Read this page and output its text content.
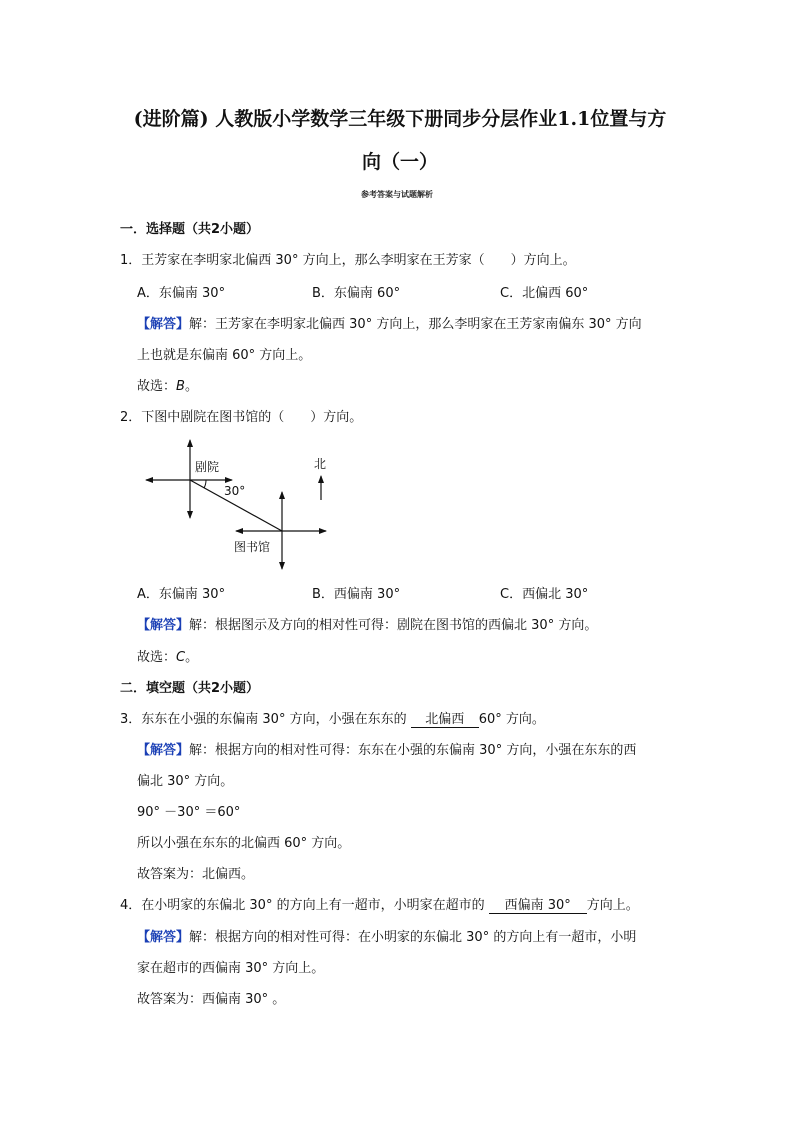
(进阶篇) 人教版小学数学三年级下册同步分层作业1.1位置与方
向（一）
参考答案与试题解析
一．选择题（共2小题）
1．王芳家在李明家北偏西 30° 方向上，那么李明家在王芳家（　　）方向上。
A．东偏南 30°	B．东偏南 60°	C．北偏西 60°
【解答】解：王芳家在李明家北偏西 30° 方向上，那么李明家在王芳家南偏东 30° 方向
上也就是东偏南 60° 方向上。
故选：B。
2．下图中剧院在图书馆的（　　）方向。
剧院
30°
图书馆
北
A．东偏南 30°	B．西偏南 30°	C．西偏北 30°
【解答】解：根据图示及方向的相对性可得：剧院在图书馆的西偏北 30° 方向。
故选：C。
二．填空题（共2小题）
3．东东在小强的东偏南 30° 方向，小强在东东的 北偏西 60° 方向。
【解答】解：根据方向的相对性可得：东东在小强的东偏南 30° 方向，小强在东东的西
偏北 30° 方向。
90° －30° ＝60°
所以小强在东东的北偏西 60° 方向。
故答案为：北偏西。
4．在小明家的东偏北 30° 的方向上有一超市，小明家在超市的 西偏南 30° 方向上。
【解答】解：根据方向的相对性可得：在小明家的东偏北 30° 的方向上有一超市，小明
家在超市的西偏南 30° 方向上。
故答案为：西偏南 30° 。
